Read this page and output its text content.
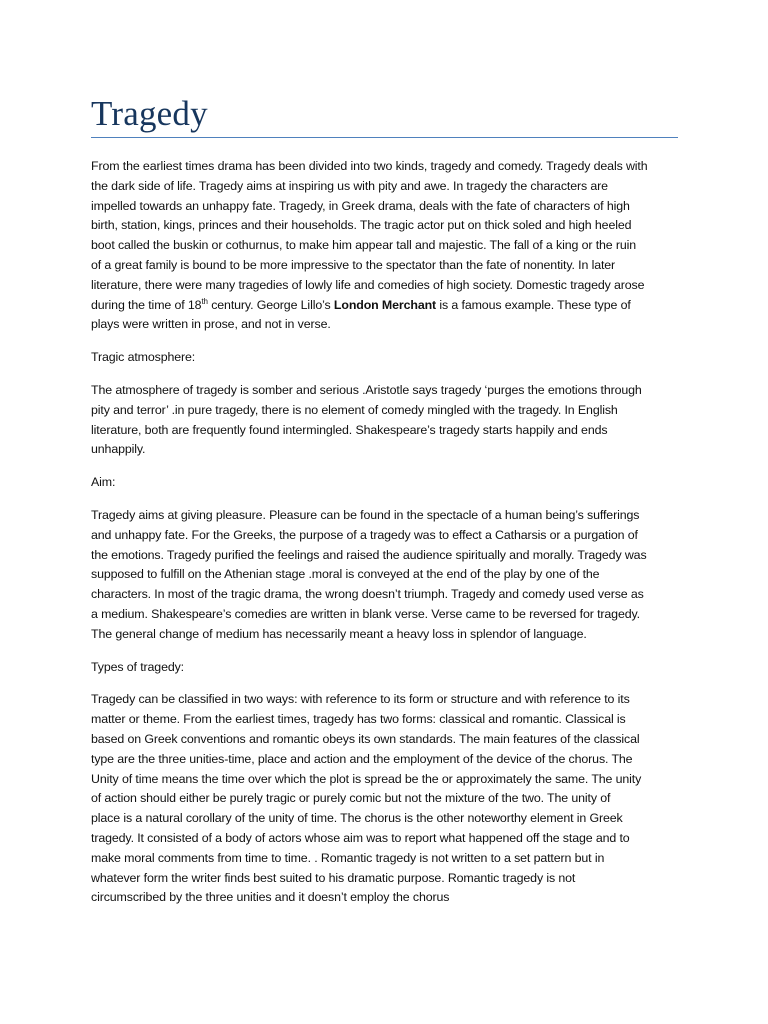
Tragedy

From the earliest times drama has been divided into two kinds, tragedy and comedy. Tragedy deals with
the dark side of life. Tragedy aims at inspiring us with pity and awe. In tragedy the characters are
impelled towards an unhappy fate. Tragedy, in Greek drama, deals with the fate of characters of high
birth, station, kings, princes and their households. The tragic actor put on thick soled and high heeled
boot called the buskin or cothurnus, to make him appear tall and majestic. The fall of a king or the ruin
of a great family is bound to be more impressive to the spectator than the fate of nonentity. In later
literature, there were many tragedies of lowly life and comedies of high society. Domestic tragedy arose
during the time of 18th century. George Lillo’s London Merchant is a famous example. These type of
plays were written in prose, and not in verse.

Tragic atmosphere:

The atmosphere of tragedy is somber and serious .Aristotle says tragedy ‘purges the emotions through
pity and terror’ .in pure tragedy, there is no element of comedy mingled with the tragedy. In English
literature, both are frequently found intermingled. Shakespeare’s tragedy starts happily and ends
unhappily.

Aim:

Tragedy aims at giving pleasure. Pleasure can be found in the spectacle of a human being’s sufferings
and unhappy fate. For the Greeks, the purpose of a tragedy was to effect a Catharsis or a purgation of
the emotions. Tragedy purified the feelings and raised the audience spiritually and morally. Tragedy was
supposed to fulfill on the Athenian stage .moral is conveyed at the end of the play by one of the
characters. In most of the tragic drama, the wrong doesn’t triumph. Tragedy and comedy used verse as
a medium. Shakespeare’s comedies are written in blank verse. Verse came to be reversed for tragedy.
The general change of medium has necessarily meant a heavy loss in splendor of language.

Types of tragedy:

Tragedy can be classified in two ways: with reference to its form or structure and with reference to its
matter or theme. From the earliest times, tragedy has two forms: classical and romantic. Classical is
based on Greek conventions and romantic obeys its own standards. The main features of the classical
type are the three unities-time, place and action and the employment of the device of the chorus. The
Unity of time means the time over which the plot is spread be the or approximately the same. The unity
of action should either be purely tragic or purely comic but not the mixture of the two. The unity of
place is a natural corollary of the unity of time. The chorus is the other noteworthy element in Greek
tragedy. It consisted of a body of actors whose aim was to report what happened off the stage and to
make moral comments from time to time. . Romantic tragedy is not written to a set pattern but in
whatever form the writer finds best suited to his dramatic purpose. Romantic tragedy is not
circumscribed by the three unities and it doesn’t employ the chorus
